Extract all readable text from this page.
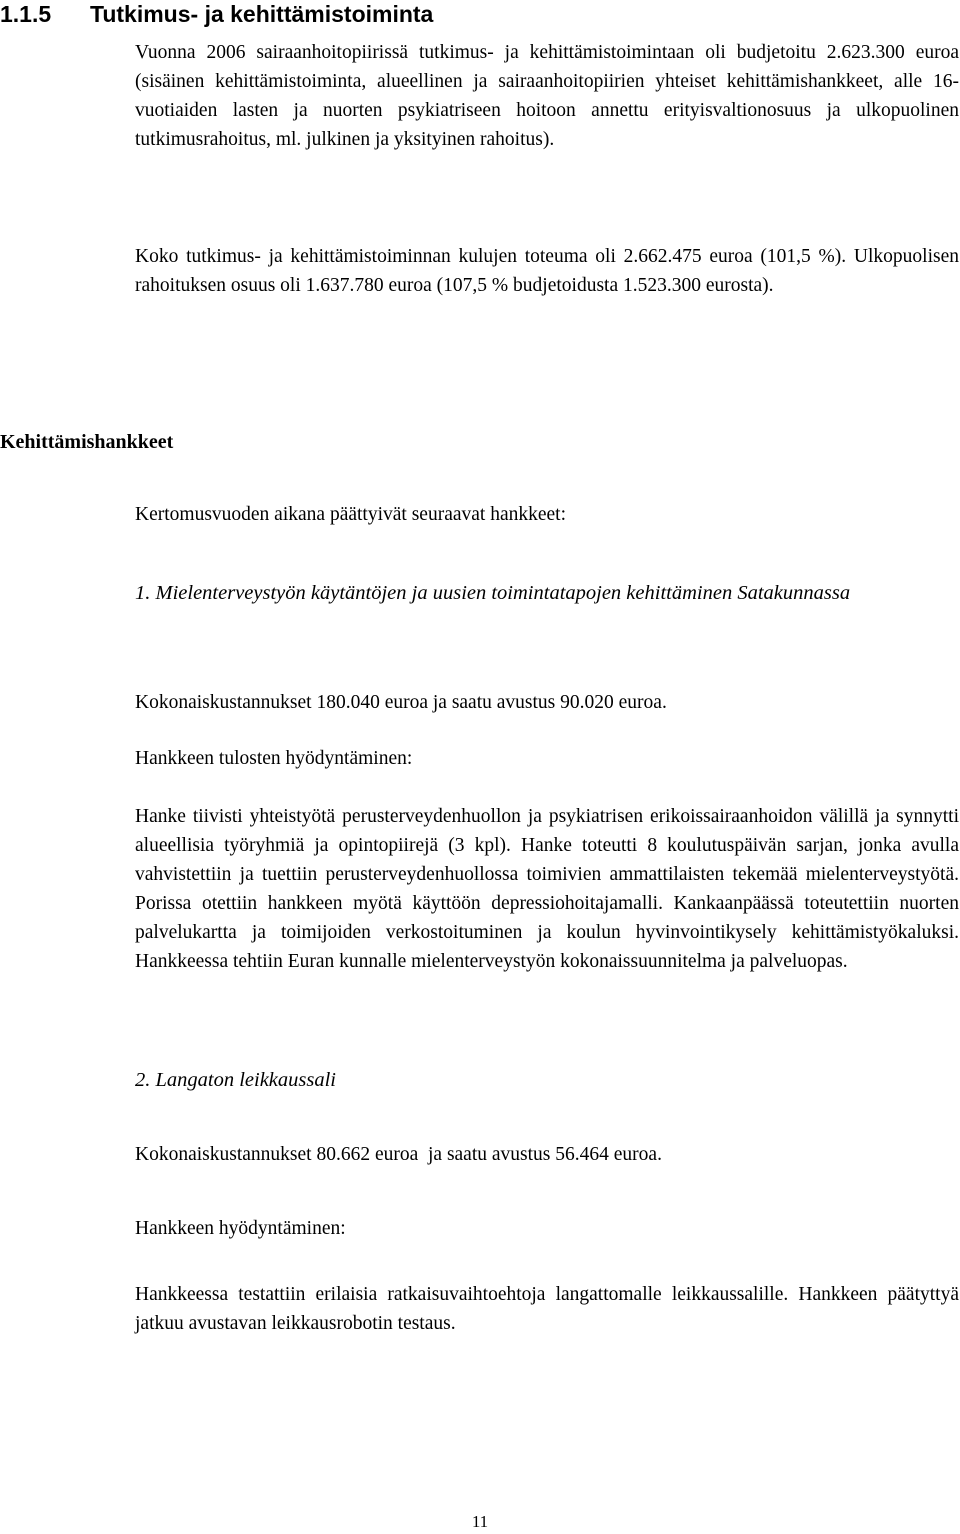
1.1.5 Tutkimus- ja kehittämistoiminta

Vuonna 2006 sairaanhoitopiirissä tutkimus- ja kehittämistoimintaan oli budjetoitu 2.623.300 euroa (sisäinen kehittämistoiminta, alueellinen ja sairaanhoitopiirien yhteiset kehittämishankkeet, alle 16-vuotiaiden lasten ja nuorten psykiatriseen hoitoon annettu erityisvaltionosuus ja ulkopuolinen tutkimusrahoitus, ml. julkinen ja yksityinen rahoitus).

Koko tutkimus- ja kehittämistoiminnan kulujen toteuma oli 2.662.475 euroa (101,5 %). Ulkopuolisen rahoituksen osuus oli 1.637.780 euroa (107,5 % budjetoidusta 1.523.300 eurosta).

Kehittämishankkeet

Kertomusvuoden aikana päättyivät seuraavat hankkeet:

1. Mielenterveystyön käytäntöjen ja uusien toimintatapojen kehittäminen Satakunnassa

Kokonaiskustannukset 180.040 euroa ja saatu avustus 90.020 euroa.

Hankkeen tulosten hyödyntäminen:

Hanke tiivisti yhteistyötä perusterveydenhuollon ja psykiatrisen erikoissairaanhoidon välillä ja synnytti alueellisia työryhmiä ja opintopiirejä (3 kpl). Hanke toteutti 8 koulutuspäivän sarjan, jonka avulla vahvistettiin ja tuettiin perusterveydenhuollossa toimivien ammattilaisten tekemää mielenterveystyötä. Porissa otettiin hankkeen myötä käyttöön depressiohoitajamalli. Kankaanpäässä toteutettiin nuorten palvelukartta ja toimijoiden verkostoituminen ja koulun hyvinvointikysely kehittämistyökaluksi. Hankkeessa tehtiin Euran kunnalle mielenterveystyön kokonaissuunnitelma ja palveluopas.

2. Langaton leikkaussali

Kokonaiskustannukset 80.662 euroa  ja saatu avustus 56.464 euroa.

Hankkeen hyödyntäminen:

Hankkeessa testattiin erilaisia ratkaisuvaihtoehtoja langattomalle leikkaussalille. Hankkeen päätyttyä jatkuu avustavan leikkausrobotin testaus.

11
